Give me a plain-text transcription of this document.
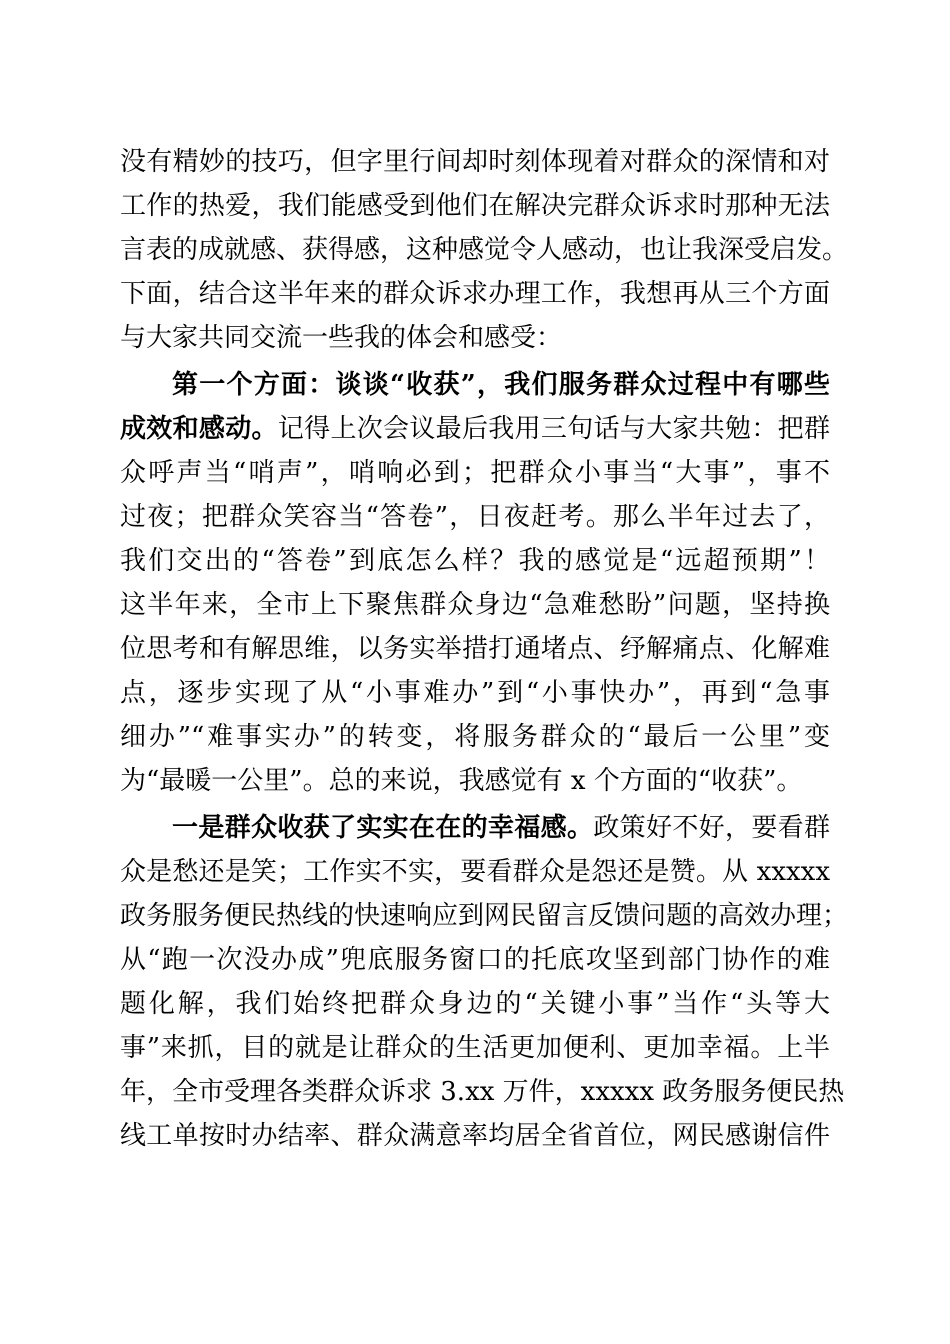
没有精妙的技巧，但字里行间却时刻体现着对群众的深情和对
工作的热爱，我们能感受到他们在解决完群众诉求时那种无法
言表的成就感、获得感，这种感觉令人感动，也让我深受启发。
下面，结合这半年来的群众诉求办理工作，我想再从三个方面
与大家共同交流一些我的体会和感受：
第一个方面：谈谈“收获”，我们服务群众过程中有哪些
成效和感动。记得上次会议最后我用三句话与大家共勉：把群
众呼声当“哨声”，哨响必到；把群众小事当“大事”，事不
过夜；把群众笑容当“答卷”，日夜赶考。那么半年过去了，
我们交出的“答卷”到底怎么样？我的感觉是“远超预期”！
这半年来，全市上下聚焦群众身边“急难愁盼”问题，坚持换
位思考和有解思维，以务实举措打通堵点、纾解痛点、化解难
点，逐步实现了从“小事难办”到“小事快办”，再到“急事
细办”“难事实办”的转变，将服务群众的“最后一公里”变
为“最暖一公里”。总的来说，我感觉有 x 个方面的“收获”。
一是群众收获了实实在在的幸福感。政策好不好，要看群
众是愁还是笑；工作实不实，要看群众是怨还是赞。从 xxxxx
政务服务便民热线的快速响应到网民留言反馈问题的高效办理；
从“跑一次没办成”兜底服务窗口的托底攻坚到部门协作的难
题化解，我们始终把群众身边的“关键小事”当作“头等大
事”来抓，目的就是让群众的生活更加便利、更加幸福。上半
年，全市受理各类群众诉求 3.xx 万件，xxxxx 政务服务便民热
线工单按时办结率、群众满意率均居全省首位，网民感谢信件
